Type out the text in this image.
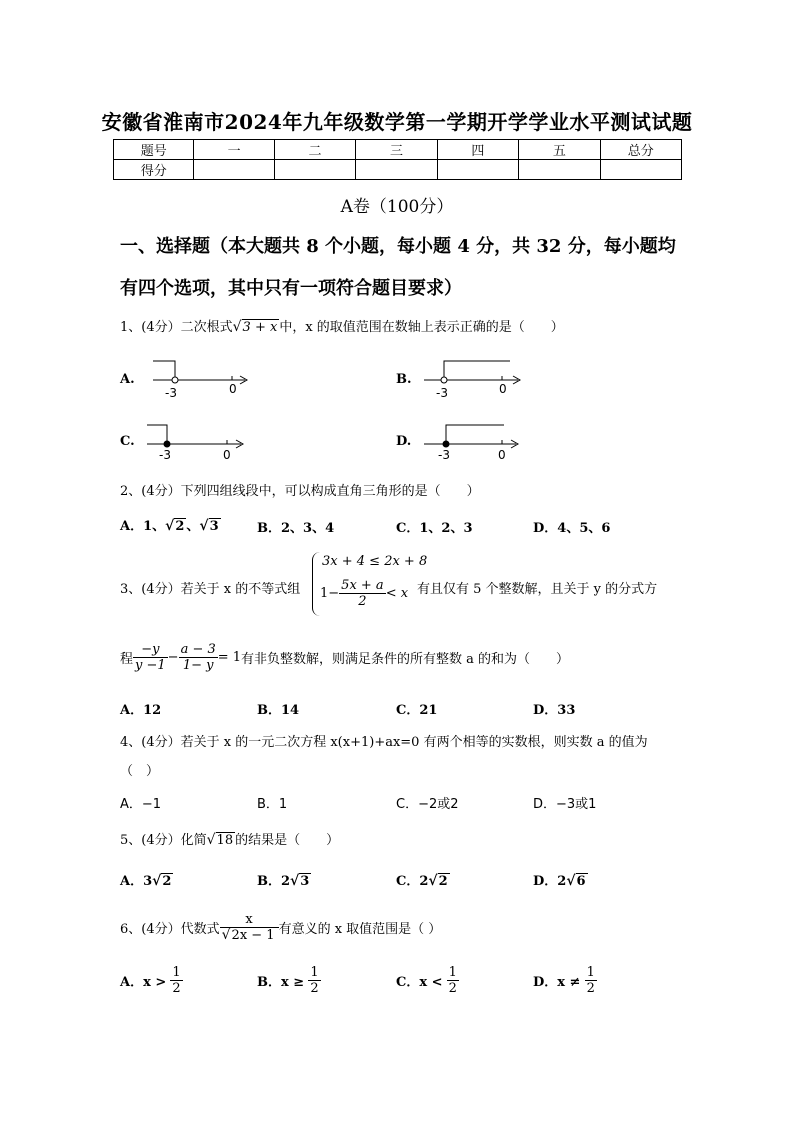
安徽省淮南市2024年九年级数学第一学期开学学业水平测试试题
题号	一	二	三	四	五	总分
得分						
A卷（100分）
一、选择题（本大题共 8 个小题，每小题 4 分，共 32 分，每小题均
有四个选项，其中只有一项符合题目要求）
1、(4分）二次根式√3 + x 中，x 的取值范围在数轴上表示正确的是（　　）
A.
-3	0
B.
-3	0
C.
-3	0
D.
-3	0
2、(4分）下列四组线段中，可以构成直角三角形的是（　　）
A．1、√2 、√3	B．2、3、4	C．1、2、3	D．4、5、6
3、(4分）若关于 x 的不等式组
3x + 4 ≤ 2x + 8
$1- \frac{5x + a}{2} < x$ 有且仅有 5 个整数解，且关于 y 的分式方
程 $\frac{-y}{y -1} - \frac{a - 3}{1- y} = 1$有非负整数解，则满足条件的所有整数 a 的和为（　　）
A．12	B．14	C．21	D．33
4、(4分）若关于 x 的一元二次方程 x(x+1)+ax=0 有两个相等的实数根，则实数 a 的值为
（　）
A．−1	B．1	C．−2或2	D．−3或1
5、(4分）化简√18 的结果是（　　）
A．3√2	B．2√3	C．2√2	D．2√6
6、(4分）代数式 $\frac{x}{√2x - 1}$ 有意义的 x 取值范围是（ ）
A．$x > \frac{1}{2}$	B．$x \ge \frac{1}{2}$	C．$x < \frac{1}{2}$	D．$x \ne \frac{1}{2}$
